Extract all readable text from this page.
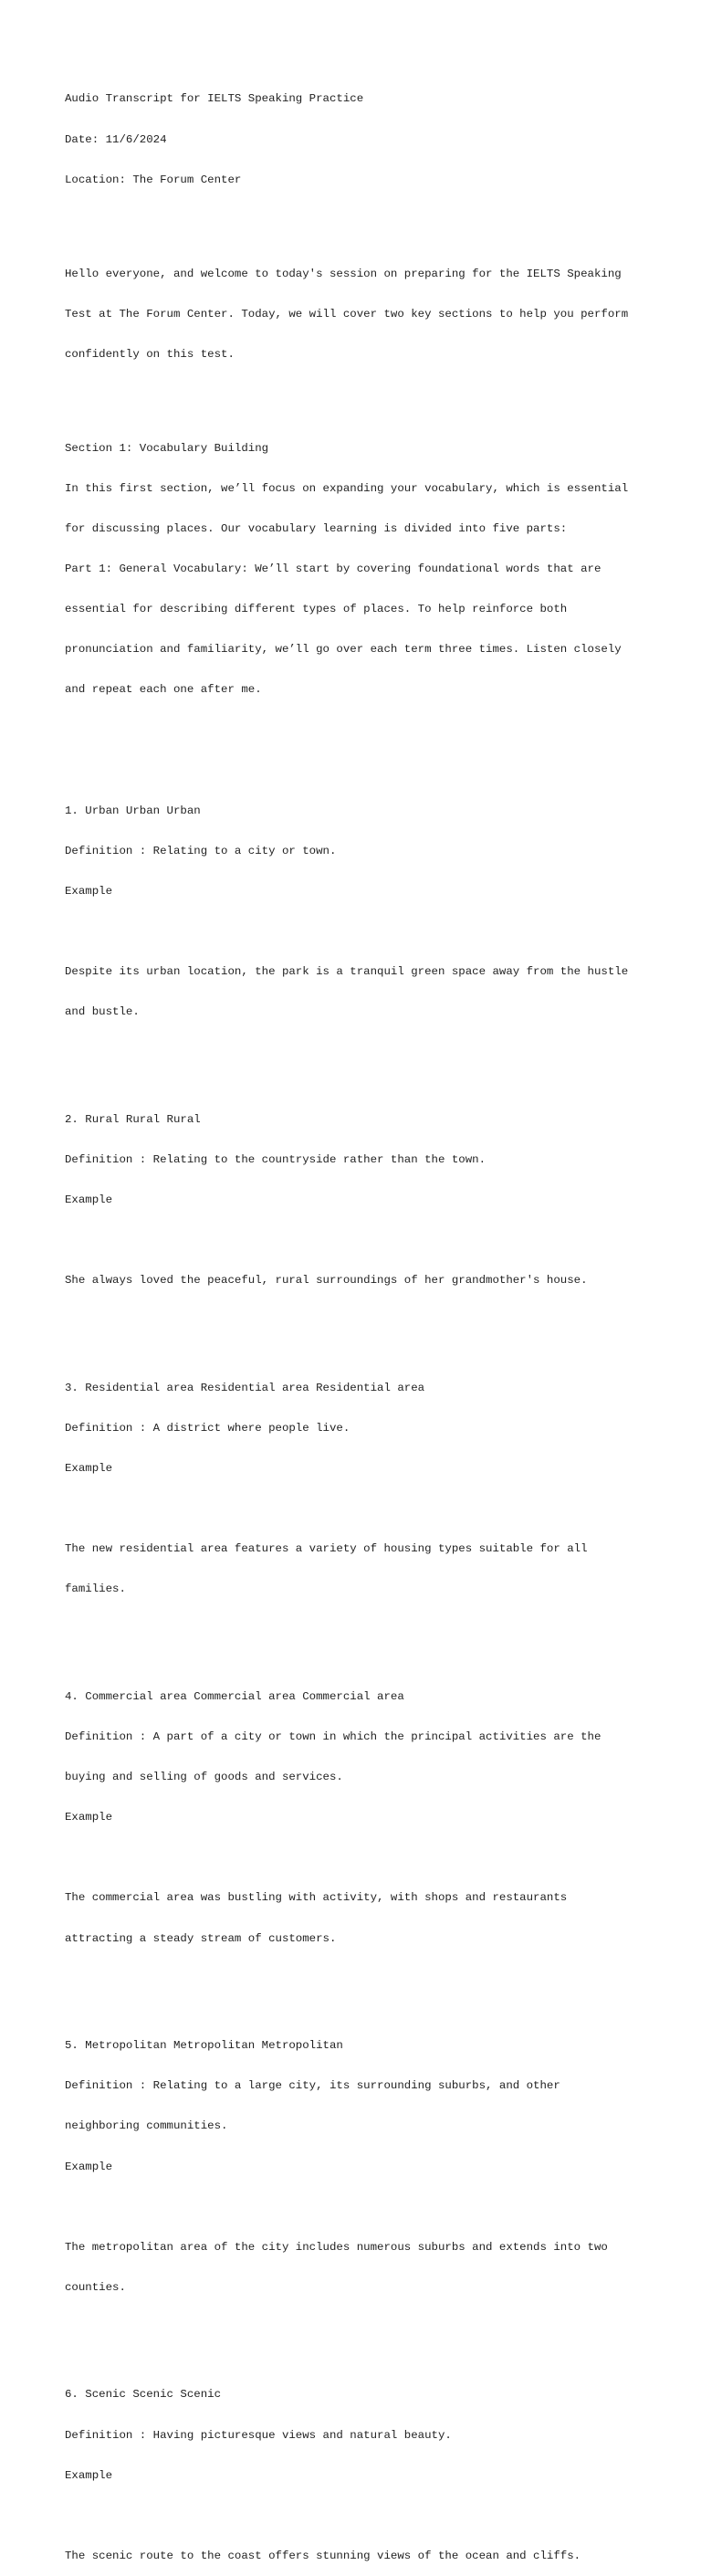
Audio Transcript for IELTS Speaking Practice

Date: 11/6/2024

Location: The Forum Center

Hello everyone, and welcome to today's session on preparing for the IELTS Speaking

Test at The Forum Center. Today, we will cover two key sections to help you perform

confidently on this test.

Section 1: Vocabulary Building

In this first section, we’ll focus on expanding your vocabulary, which is essential

for discussing places. Our vocabulary learning is divided into five parts:

Part 1: General Vocabulary: We’ll start by covering foundational words that are

essential for describing different types of places. To help reinforce both

pronunciation and familiarity, we’ll go over each term three times. Listen closely

and repeat each one after me.

1. Urban Urban Urban

Definition : Relating to a city or town.

Example

Despite its urban location, the park is a tranquil green space away from the hustle

and bustle.

2. Rural Rural Rural

Definition : Relating to the countryside rather than the town.

Example

She always loved the peaceful, rural surroundings of her grandmother's house.

3. Residential area Residential area Residential area

Definition : A district where people live.

Example

The new residential area features a variety of housing types suitable for all

families.

4. Commercial area Commercial area Commercial area

Definition : A part of a city or town in which the principal activities are the

buying and selling of goods and services.

Example

The commercial area was bustling with activity, with shops and restaurants

attracting a steady stream of customers.

5. Metropolitan Metropolitan Metropolitan

Definition : Relating to a large city, its surrounding suburbs, and other

neighboring communities.

Example

The metropolitan area of the city includes numerous suburbs and extends into two

counties.

6. Scenic Scenic Scenic

Definition : Having picturesque views and natural beauty.

Example

The scenic route to the coast offers stunning views of the ocean and cliffs.
